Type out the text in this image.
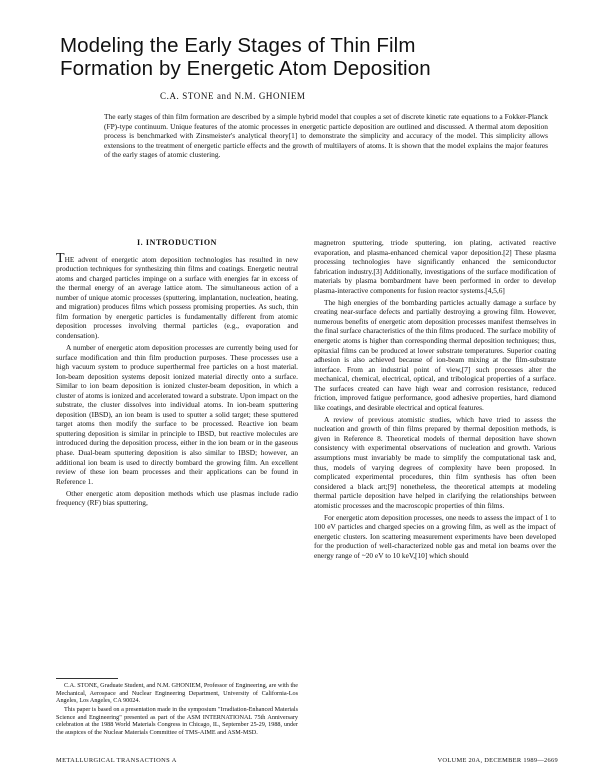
Modeling the Early Stages of Thin Film
Formation by Energetic Atom Deposition
C.A. STONE and N.M. GHONIEM
The early stages of thin film formation are described by a simple hybrid model that couples a set of discrete kinetic rate equations to a Fokker-Planck (FP)-type continuum. Unique features of the atomic processes in energetic particle deposition are outlined and discussed. A thermal atom deposition process is benchmarked with Zinsmeister's analytical theory[1] to demonstrate the simplicity and accuracy of the model. This simplicity allows extensions to the treatment of energetic particle effects and the growth of multilayers of atoms. It is shown that the model explains the major features of the early stages of atomic clustering.
I. INTRODUCTION

THE advent of energetic atom deposition technologies has resulted in new production techniques for synthesizing thin films and coatings. Energetic neutral atoms and charged particles impinge on a surface with energies far in excess of the thermal energy of an average lattice atom. The simultaneous action of a number of unique atomic processes (sputtering, implantation, nucleation, heating, and migration) produces films which possess promising properties. As such, thin film formation by energetic particles is fundamentally different from atomic deposition processes involving thermal particles (e.g., evaporation and condensation).

A number of energetic atom deposition processes are currently being used for surface modification and thin film production purposes. These processes use a high vacuum system to produce superthermal free particles on a host material. Ion-beam deposition systems deposit ionized material directly onto a surface. Similar to ion beam deposition is ionized cluster-beam deposition, in which a cluster of atoms is ionized and accelerated toward a substrate. Upon impact on the substrate, the cluster dissolves into individual atoms. In ion-beam sputtering deposition (IBSD), an ion beam is used to sputter a solid target; these sputtered target atoms then modify the surface to be processed. Reactive ion beam sputtering deposition is similar in principle to IBSD, but reactive molecules are introduced during the deposition process, either in the ion beam or in the gaseous phase. Dual-beam sputtering deposition is also similar to IBSD; however, an additional ion beam is used to directly bombard the growing film. An excellent review of these ion beam processes and their applications can be found in Reference 1.

Other energetic atom deposition methods which use plasmas include radio frequency (RF) bias sputtering,

C.A. STONE, Graduate Student, and N.M. GHONIEM, Professor of Engineering, are with the Mechanical, Aerospace and Nuclear Engineering Department, University of California-Los Angeles, Los Angeles, CA 90024.

This paper is based on a presentation made in the symposium "Irradiation-Enhanced Materials Science and Engineering" presented as part of the ASM INTERNATIONAL 75th Anniversary celebration at the 1988 World Materials Congress in Chicago, IL, September 25-29, 1988, under the auspices of the Nuclear Materials Committee of TMS-AIME and ASM-MSD.

magnetron sputtering, triode sputtering, ion plating, activated reactive evaporation, and plasma-enhanced chemical vapor deposition.[2] These plasma processing technologies have significantly enhanced the semiconductor fabrication industry.[3] Additionally, investigations of the surface modification of materials by plasma bombardment have been performed in order to develop plasma-interactive components for fusion reactor systems.[4,5,6]

The high energies of the bombarding particles actually damage a surface by creating near-surface defects and partially destroying a growing film. However, numerous benefits of energetic atom deposition processes manifest themselves in the final surface characteristics of the thin films produced. The surface mobility of energetic atoms is higher than corresponding thermal deposition techniques; thus, epitaxial films can be produced at lower substrate temperatures. Superior coating adhesion is also achieved because of ion-beam mixing at the film-substrate interface. From an industrial point of view,[7] such processes alter the mechanical, chemical, electrical, optical, and tribological properties of a surface. The surfaces created can have high wear and corrosion resistance, reduced friction, improved fatigue performance, good adhesive properties, hard diamond like coatings, and desirable electrical and optical features.

A review of previous atomistic studies, which have tried to assess the nucleation and growth of thin films prepared by thermal deposition methods, is given in Reference 8. Theoretical models of thermal deposition have shown consistency with experimental observations of nucleation and growth. Various assumptions must invariably be made to simplify the computational task and, thus, models of varying degrees of complexity have been proposed. In complicated experimental procedures, thin film synthesis has often been considered a black art;[9] nonetheless, the theoretical attempts at modeling thermal particle deposition have helped in clarifying the relationships between atomistic processes and the macroscopic properties of thin films.

For energetic atom deposition processes, one needs to assess the impact of 1 to 100 eV particles and charged species on a growing film, as well as the impact of energetic clusters. Ion scattering measurement experiments have been developed for the production of well-characterized noble gas and metal ion beams over the energy range of ~20 eV to 10 keV,[10] which should

METALLURGICAL TRANSACTIONS A	VOLUME 20A, DECEMBER 1989—2669
